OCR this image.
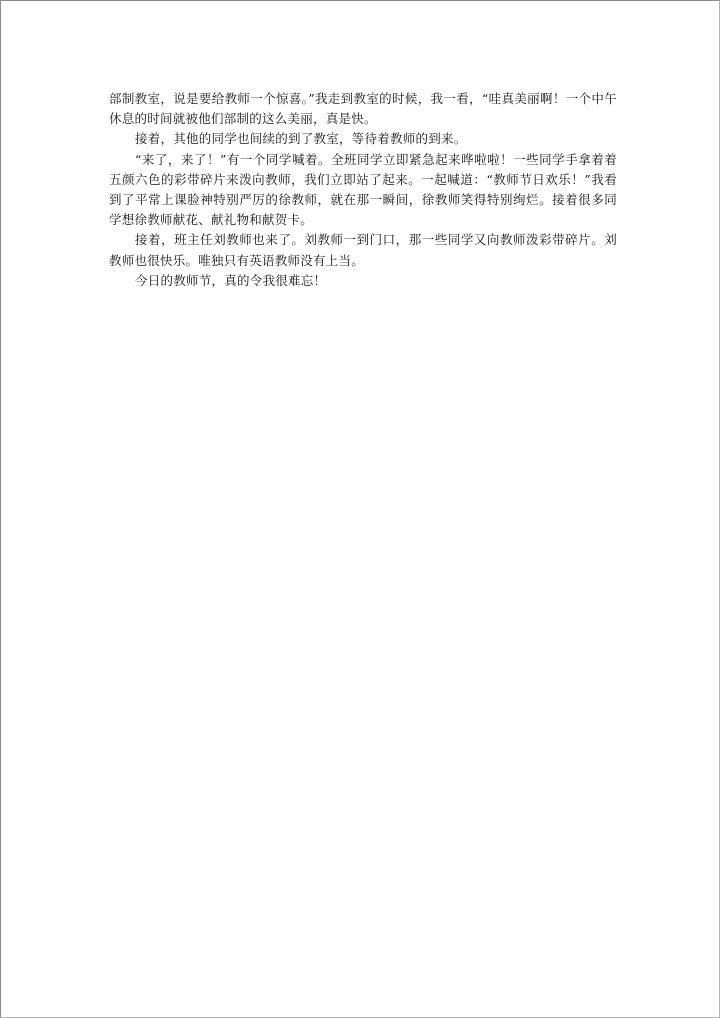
部制教室，说是要给教师一个惊喜。”我走到教室的时候，我一看，“哇真美丽啊！一个中午休息的时间就被他们部制的这么美丽，真是快。

接着，其他的同学也间续的到了教室，等待着教师的到来。

“来了，来了！”有一个同学喊着。全班同学立即紧急起来哗啦啦！一些同学手拿着着五颜六色的彩带碎片来泼向教师，我们立即站了起来。一起喊道：“教师节日欢乐！”我看到了平常上课脸神特别严厉的徐教师，就在那一瞬间，徐教师笑得特别绚烂。接着很多同学想徐教师献花、献礼物和献贺卡。

接着，班主任刘教师也来了。刘教师一到门口，那一些同学又向教师泼彩带碎片。刘教师也很快乐。唯独只有英语教师没有上当。

今日的教师节，真的令我很难忘！
